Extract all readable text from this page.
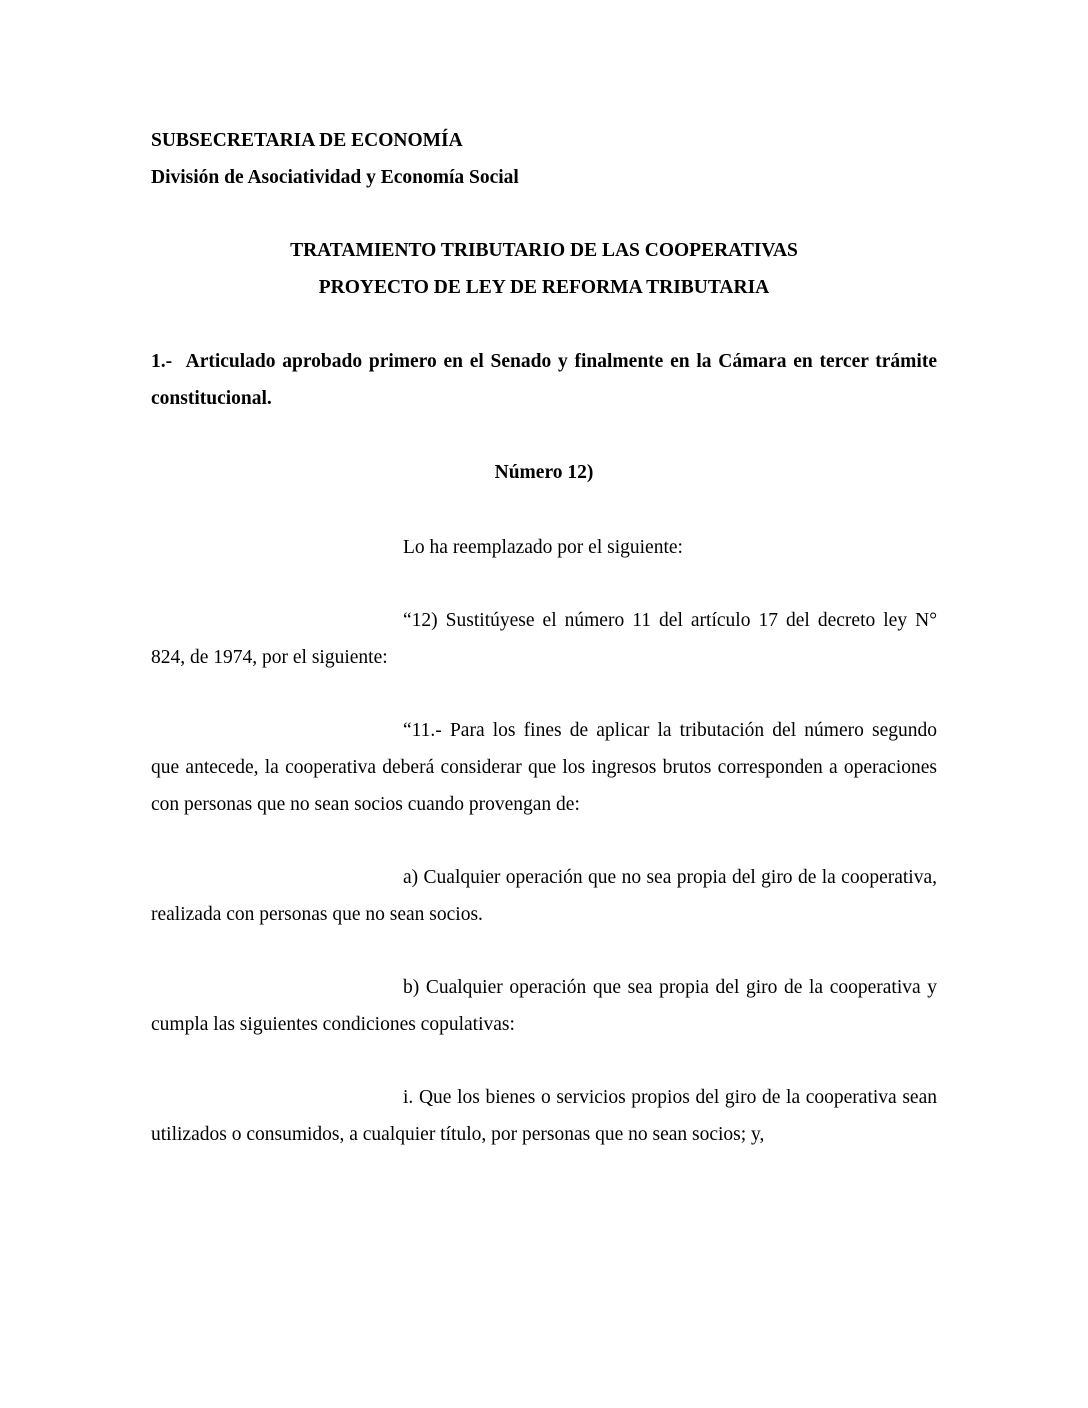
SUBSECRETARIA DE ECONOMÍA
División de Asociatividad y Economía Social
TRATAMIENTO TRIBUTARIO DE LAS COOPERATIVAS
PROYECTO DE LEY DE REFORMA TRIBUTARIA
1.-  Articulado aprobado primero en el Senado y finalmente en la Cámara en tercer trámite constitucional.
Número 12)
Lo ha reemplazado por el siguiente:
“12) Sustitúyese el número 11 del artículo 17 del decreto ley N° 824, de 1974, por el siguiente:
“11.- Para los fines de aplicar la tributación del número segundo que antecede, la cooperativa deberá considerar que los ingresos brutos corresponden a operaciones con personas que no sean socios cuando provengan de:
a) Cualquier operación que no sea propia del giro de la cooperativa, realizada con personas que no sean socios.
b) Cualquier operación que sea propia del giro de la cooperativa y cumpla las siguientes condiciones copulativas:
i. Que los bienes o servicios propios del giro de la cooperativa sean utilizados o consumidos, a cualquier título, por personas que no sean socios; y,
